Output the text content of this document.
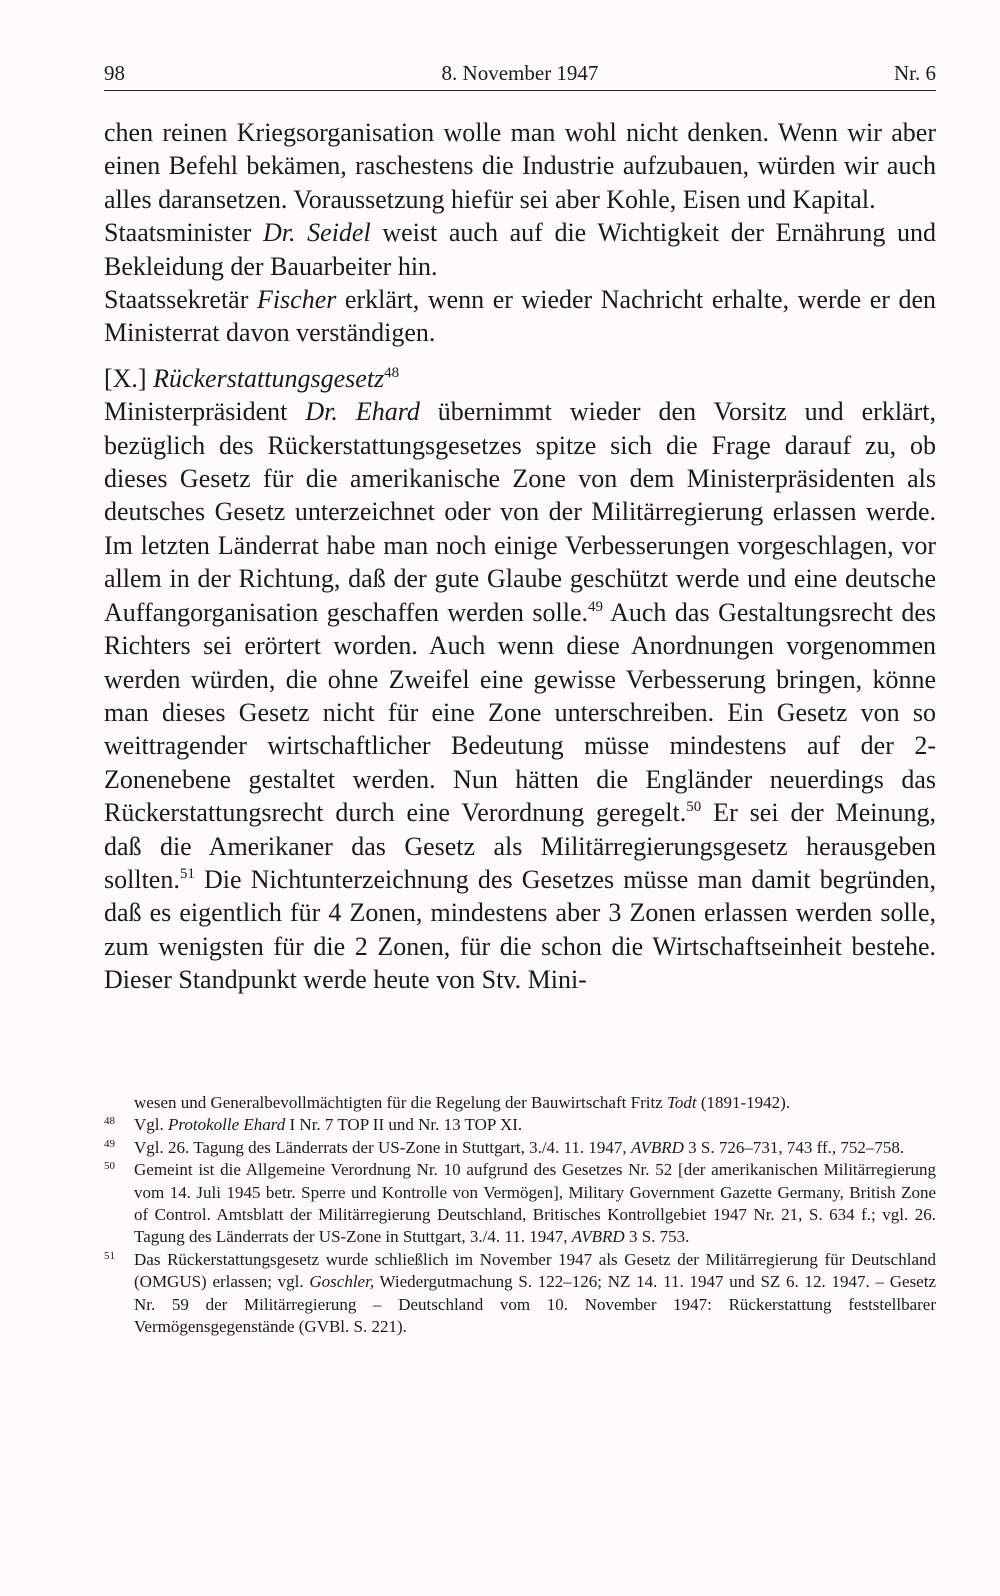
98	8. November 1947	Nr. 6

chen reinen Kriegsorganisation wolle man wohl nicht denken. Wenn wir aber einen Befehl bekämen, raschestens die Industrie aufzubauen, würden wir auch alles daransetzen. Voraussetzung hiefür sei aber Kohle, Eisen und Kapital.

Staatsminister Dr. Seidel weist auch auf die Wichtigkeit der Ernährung und Bekleidung der Bauarbeiter hin.

Staatssekretär Fischer erklärt, wenn er wieder Nachricht erhalte, werde er den Ministerrat davon verständigen.

[X.] Rückerstattungsgesetz$^{48}$

Ministerpräsident Dr. Ehard übernimmt wieder den Vorsitz und erklärt, bezüglich des Rückerstattungsgesetzes spitze sich die Frage darauf zu, ob dieses Gesetz für die amerikanische Zone von dem Ministerpräsidenten als deutsches Gesetz unterzeichnet oder von der Militärregierung erlassen werde. Im letzten Länderrat habe man noch einige Verbesserungen vorgeschlagen, vor allem in der Richtung, daß der gute Glaube geschützt werde und eine deutsche Auffangorganisation geschaffen werden solle.$^{49}$ Auch das Gestaltungsrecht des Richters sei erörtert worden. Auch wenn diese Anordnungen vorgenommen werden würden, die ohne Zweifel eine gewisse Verbesserung bringen, könne man dieses Gesetz nicht für eine Zone unterschreiben. Ein Gesetz von so weittragender wirtschaftlicher Bedeutung müsse mindestens auf der 2-Zonenebene gestaltet werden. Nun hätten die Engländer neuerdings das Rückerstattungsrecht durch eine Verordnung geregelt.$^{50}$ Er sei der Meinung, daß die Amerikaner das Gesetz als Militärregierungsgesetz herausgeben sollten.$^{51}$ Die Nichtunterzeichnung des Gesetzes müsse man damit begründen, daß es eigentlich für 4 Zonen, mindestens aber 3 Zonen erlassen werden solle, zum wenigsten für die 2 Zonen, für die schon die Wirtschaftseinheit bestehe. Dieser Standpunkt werde heute von Stv. Mini-

wesen und Generalbevollmächtigten für die Regelung der Bauwirtschaft Fritz Todt (1891-1942).

48 Vgl. Protokolle Ehard I Nr. 7 TOP II und Nr. 13 TOP XI.

49 Vgl. 26. Tagung des Länderrats der US-Zone in Stuttgart, 3./4. 11. 1947, AVBRD 3 S. 726–731, 743 ff., 752–758.

50 Gemeint ist die Allgemeine Verordnung Nr. 10 aufgrund des Gesetzes Nr. 52 [der amerikanischen Militärregierung vom 14. Juli 1945 betr. Sperre und Kontrolle von Vermögen], Military Government Gazette Germany, British Zone of Control. Amtsblatt der Militärregierung Deutschland, Britisches Kontrollgebiet 1947 Nr. 21, S. 634 f.; vgl. 26. Tagung des Länderrats der US-Zone in Stuttgart, 3./4. 11. 1947, AVBRD 3 S. 753.

51 Das Rückerstattungsgesetz wurde schließlich im November 1947 als Gesetz der Militärregierung für Deutschland (OMGUS) erlassen; vgl. Goschler, Wiedergutmachung S. 122–126; NZ 14. 11. 1947 und SZ 6. 12. 1947. – Gesetz Nr. 59 der Militärregierung – Deutschland vom 10. November 1947: Rückerstattung feststellbarer Vermögensgegenstände (GVBl. S. 221).
